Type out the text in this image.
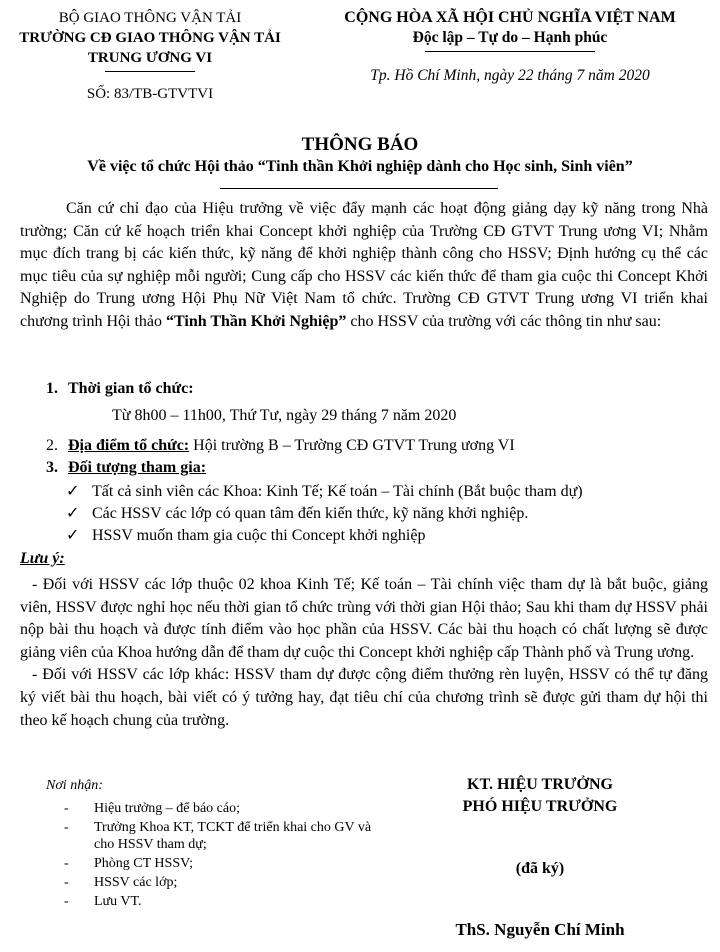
BỘ GIAO THÔNG VẬN TẢI
TRƯỜNG CĐ GIAO THÔNG VẬN TẢI
TRUNG ƯƠNG VI
SỐ: 83/TB-GTVTVI
CỘNG HÒA XÃ HỘI CHỦ NGHĨA VIỆT NAM
Độc lập – Tự do – Hạnh phúc
Tp. Hồ Chí Minh, ngày 22 tháng 7 năm 2020
THÔNG BÁO
Về việc tổ chức Hội thảo “Tinh thần Khởi nghiệp dành cho Học sinh, Sinh viên”

Căn cứ chỉ đạo của Hiệu trưởng về việc đẩy mạnh các hoạt động giảng dạy kỹ năng trong Nhà trường; Căn cứ kế hoạch triển khai Concept khởi nghiệp của Trường CĐ GTVT Trung ương VI; Nhằm mục đích trang bị các kiến thức, kỹ năng để khởi nghiệp thành công cho HSSV; Định hướng cụ thể các mục tiêu của sự nghiệp mỗi người; Cung cấp cho HSSV các kiến thức để tham gia cuộc thi Concept Khởi Nghiệp do Trung ương Hội Phụ Nữ Việt Nam tổ chức. Trường CĐ GTVT Trung ương VI triển khai chương trình Hội thảo “Tinh Thần Khởi Nghiệp” cho HSSV của trường với các thông tin như sau:

1. Thời gian tổ chức:
Từ 8h00 – 11h00, Thứ Tư, ngày 29 tháng 7 năm 2020
2. Địa điểm tổ chức: Hội trường B – Trường CĐ GTVT Trung ương VI
3. Đối tượng tham gia:
✓ Tất cả sinh viên các Khoa: Kinh Tế; Kế toán – Tài chính (Bắt buộc tham dự)
✓ Các HSSV các lớp có quan tâm đến kiến thức, kỹ năng khởi nghiệp.
✓ HSSV muốn tham gia cuộc thi Concept khởi nghiệp
Lưu ý:

- Đối với HSSV các lớp thuộc 02 khoa Kinh Tế; Kế toán – Tài chính việc tham dự là bắt buộc, giảng viên, HSSV được nghỉ học nếu thời gian tổ chức trùng với thời gian Hội thảo; Sau khi tham dự HSSV phải nộp bài thu hoạch và được tính điểm vào học phần của HSSV. Các bài thu hoạch có chất lượng sẽ được giảng viên của Khoa hướng dẫn để tham dự cuộc thi Concept khởi nghiệp cấp Thành phố và Trung ương.

- Đối với HSSV các lớp khác: HSSV tham dự được cộng điểm thưởng rèn luyện, HSSV có thể tự đăng ký viết bài thu hoạch, bài viết có ý tưởng hay, đạt tiêu chí của chương trình sẽ được gửi tham dự hội thi theo kế hoạch chung của trường.

Nơi nhận:
- Hiệu trưởng – để báo cáo;
- Trưởng Khoa KT, TCKT để triển khai cho GV và cho HSSV tham dự;
- Phòng CT HSSV;
- HSSV các lớp;
- Lưu VT.
KT. HIỆU TRƯỞNG
PHÓ HIỆU TRƯỞNG
(đã ký)
ThS. Nguyễn Chí Minh
